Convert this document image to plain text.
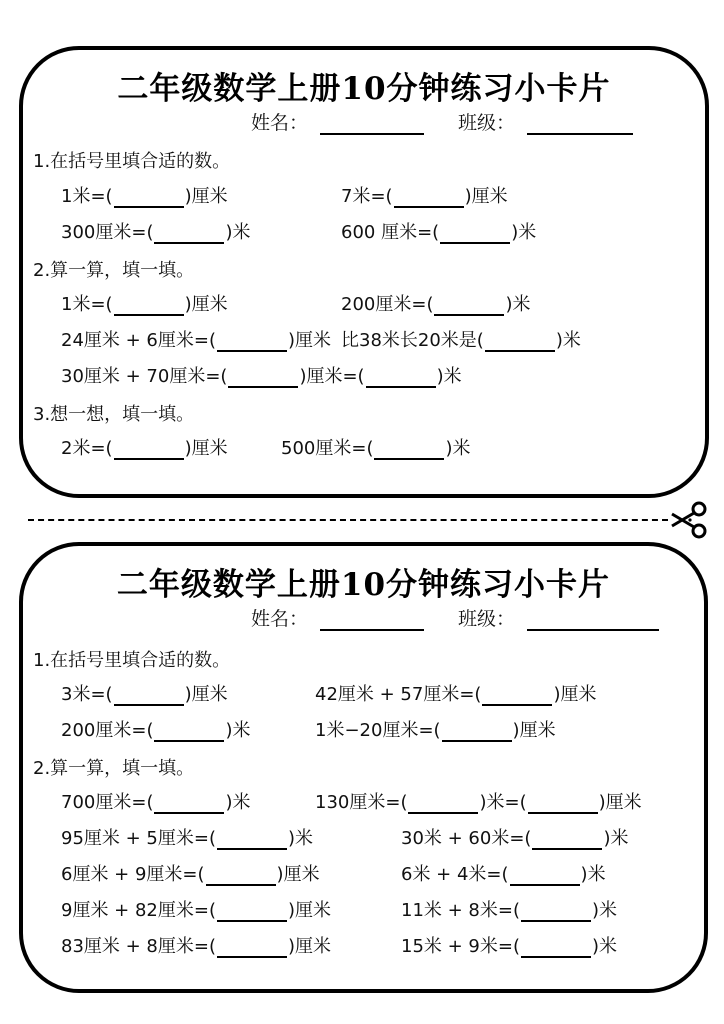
二年级数学上册10分钟练习小卡片
姓名：	班级：
1.在括号里填合适的数。
1米=(	)厘米	7米=(	)厘米
300厘米=(	)米	600 厘米=(	)米
2.算一算，填一填。
1米=(	)厘米	200厘米=(	)米
24厘米 + 6厘米=(	)厘米 比38米长20米是(	)米
30厘米 + 70厘米=(	)厘米=(	)米
3.想一想，填一填。
2米=(	)厘米	500厘米=(	)米
二年级数学上册10分钟练习小卡片
姓名：	班级：
1.在括号里填合适的数。
3米=(	)厘米	42厘米 + 57厘米=(	)厘米
200厘米=(	)米	1米−20厘米=(	)厘米
2.算一算，填一填。
700厘米=(	)米	130厘米=(	)米=(	)厘米
95厘米 + 5厘米=(	)米	30米 + 60米=(	)米
6厘米 + 9厘米=(	)厘米	6米 + 4米=(	)米
9厘米 + 82厘米=(	)厘米	11米 + 8米=(	)米
83厘米 + 8厘米=(	)厘米	15米 + 9米=(	)米
